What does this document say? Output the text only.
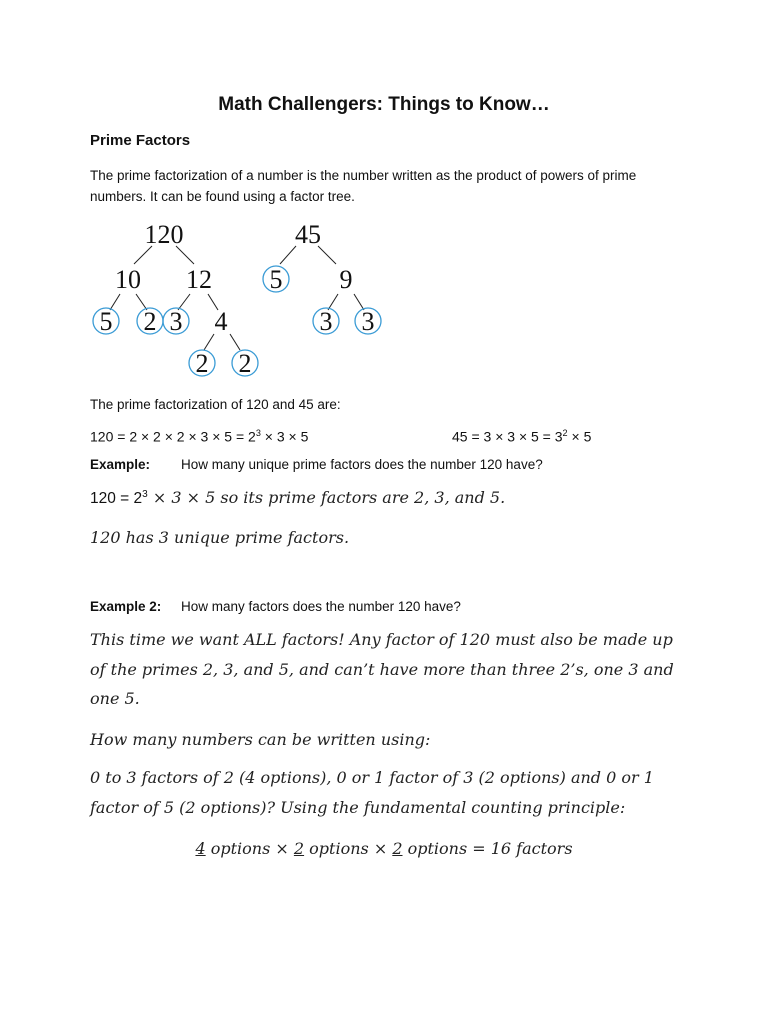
Math Challengers: Things to Know…
Prime Factors
The prime factorization of a number is the number written as the product of powers of prime
numbers. It can be found using a factor tree.
120
10 12
5 2 3 4
2 2
45
5 9
3 3
The prime factorization of 120 and 45 are:
$120 = 2 \times 2 \times 2 \times 3 \times 5 = 2^3 \times 3 \times 5$	$45 = 3 \times 3 \times 5 = 3^2 \times 5$
Example: How many unique prime factors does the number 120 have?
$120 = 2^3 \times 3 \times 5$ so its prime factors are 2, 3, and 5.
120 has 3 unique prime factors.
Example 2: How many factors does the number 120 have?
This time we want ALL factors! Any factor of 120 must also be made up
of the primes 2, 3, and 5, and can’t have more than three 2’s, one 3 and
one 5.
How many numbers can be written using:
0 to 3 factors of 2 (4 options), 0 or 1 factor of 3 (2 options) and 0 or 1
factor of 5 (2 options)? Using the fundamental counting principle:
4 options × 2 options × 2 options = 16 factors
